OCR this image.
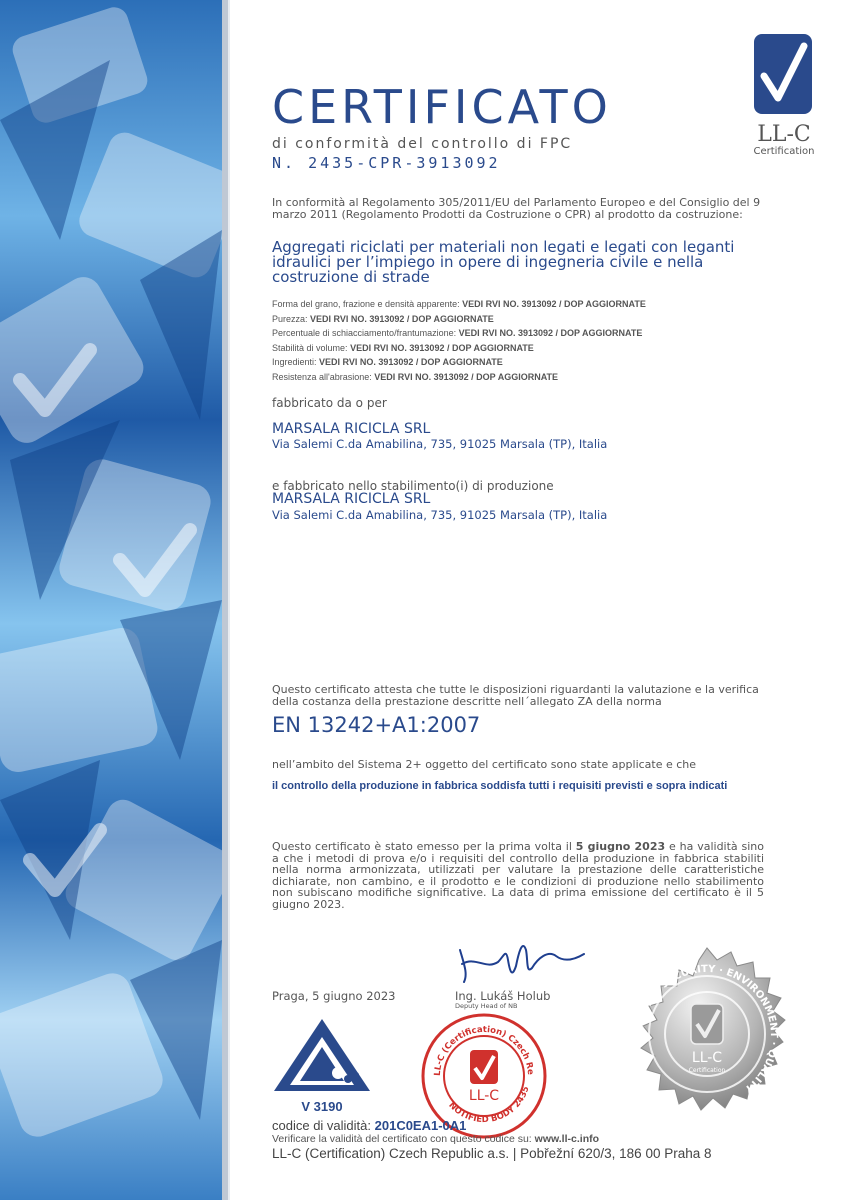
LL-C
Certification
CERTIFICATO
di conformità del controllo di FPC
N. 2435-CPR-3913092
In conformità al Regolamento 305/2011/EU del Parlamento Europeo e del Consiglio del 9 marzo 2011 (Regolamento Prodotti da Costruzione o CPR) al prodotto da costruzione:
Aggregati riciclati per materiali non legati e legati con leganti idraulici per l’impiego in opere di ingegneria civile e nella costruzione di strade
Forma del grano, frazione e densità apparente: VEDI RVI NO. 3913092 / DOP AGGIORNATE
Purezza: VEDI RVI NO. 3913092 / DOP AGGIORNATE
Percentuale di schiacciamento/frantumazione: VEDI RVI NO. 3913092 / DOP AGGIORNATE
Stabilità di volume: VEDI RVI NO. 3913092 / DOP AGGIORNATE
Ingredienti: VEDI RVI NO. 3913092 / DOP AGGIORNATE
Resistenza all'abrasione: VEDI RVI NO. 3913092 / DOP AGGIORNATE
fabbricato da o per
MARSALA RICICLA SRL
Via Salemi C.da Amabilina, 735, 91025 Marsala (TP), Italia
e fabbricato nello stabilimento(i) di produzione
MARSALA RICICLA SRL
Via Salemi C.da Amabilina, 735, 91025 Marsala (TP), Italia
Questo certificato attesta che tutte le disposizioni riguardanti la valutazione e la verifica della costanza della prestazione descritte nell´allegato ZA della norma
EN 13242+A1:2007
nell’ambito del Sistema 2+ oggetto del certificato sono state applicate e che
il controllo della produzione in fabbrica soddisfa tutti i requisiti previsti e sopra indicati
Questo certificato è stato emesso per la prima volta il 5 giugno 2023 e ha validità sino a che i metodi di prova e/o i requisiti del controllo della produzione in fabbrica stabiliti nella norma armonizzata, utilizzati per valutare la prestazione delle caratteristiche dichiarate, non cambino, e il prodotto e le condizioni di produzione nello stabilimento non subiscano modifiche significative. La data di prima emissione del certificato è il 5 giugno 2023.
Praga, 5 giugno 2023	Ing. Lukáš Holub
Deputy Head of NB
V 3190
LL-C (Certification) Czech Re
NOTIFIED BODY 2435
LL-C
SAFETY · SECURITY · ENVIRONMENT · QUALITY
LL-C
Certification
codice di validità: 201C0EA1-0A1
Verificare la validità del certificato con questo codice su: www.ll-c.info
LL-C (Certification) Czech Republic a.s. | Pobřežní 620/3, 186 00 Praha 8
